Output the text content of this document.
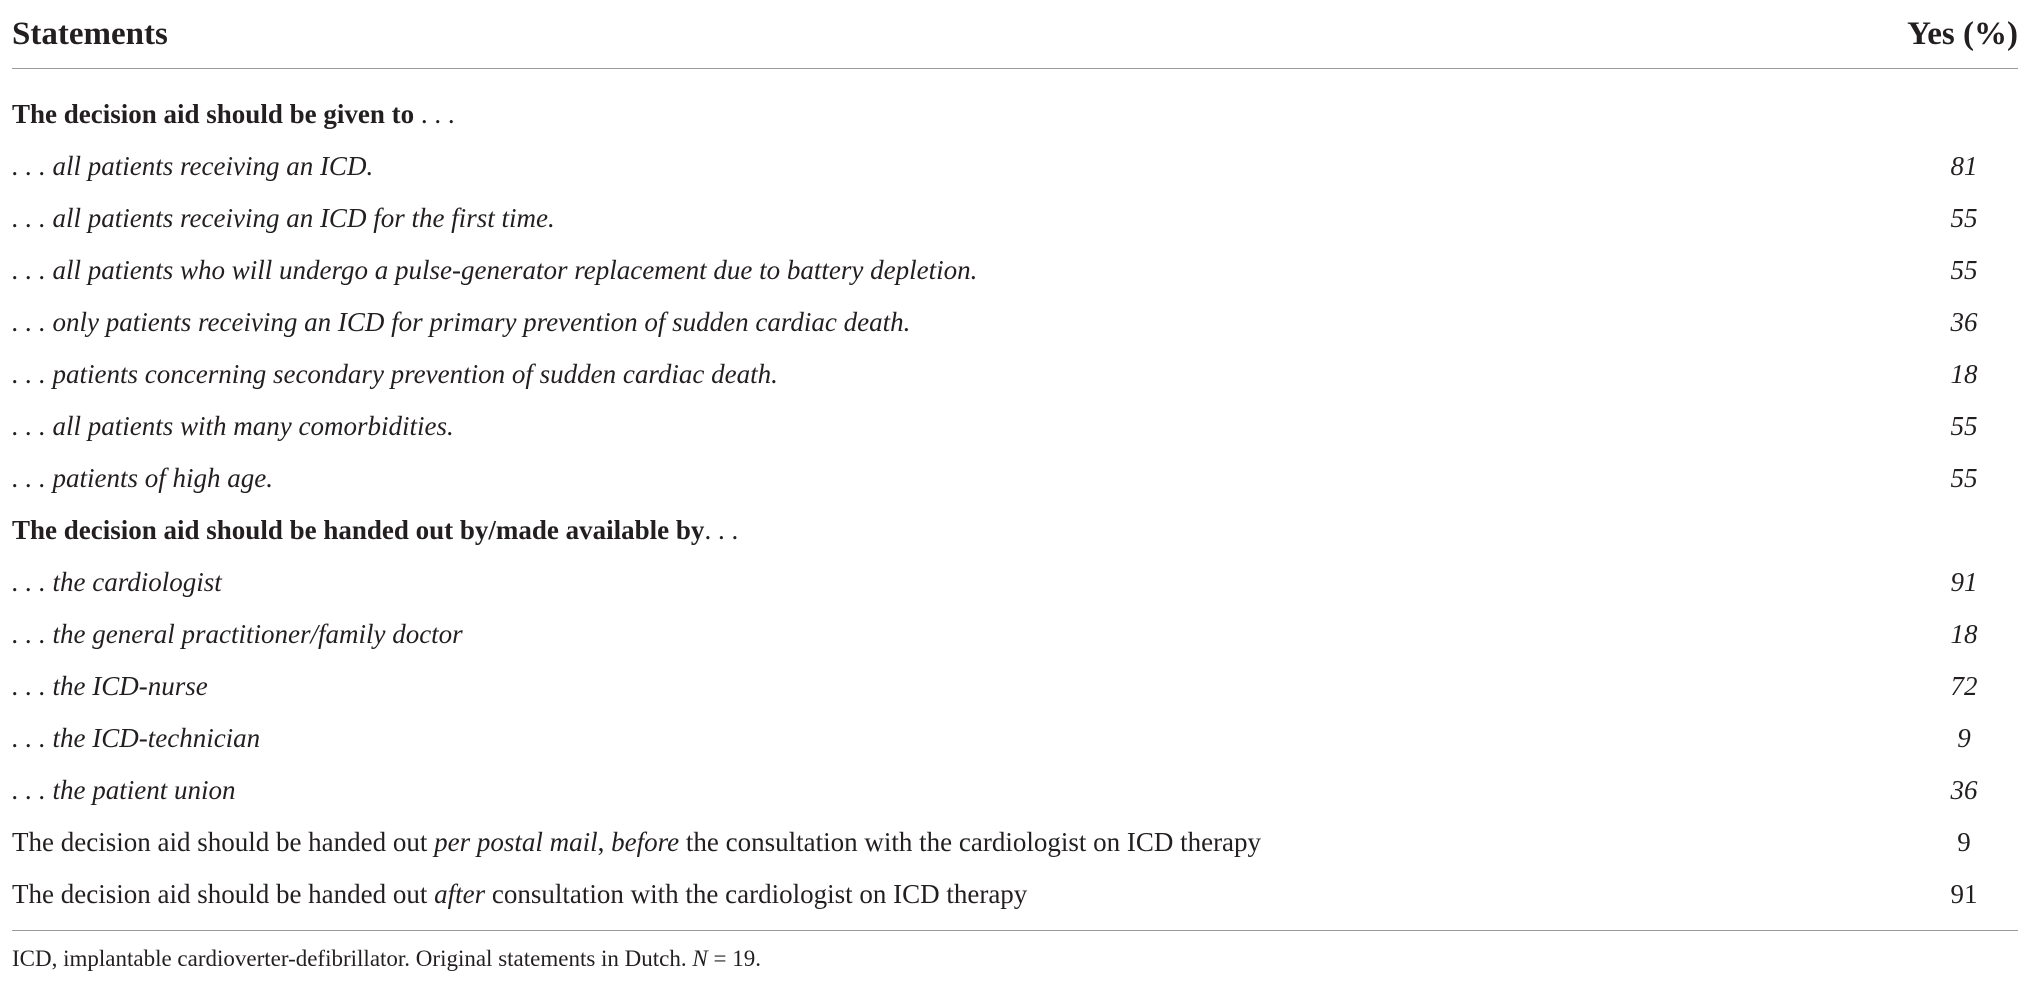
Statements	Yes (%)
The decision aid should be given to . . .
. . . all patients receiving an ICD.	81
. . . all patients receiving an ICD for the first time.	55
. . . all patients who will undergo a pulse-generator replacement due to battery depletion.	55
. . . only patients receiving an ICD for primary prevention of sudden cardiac death.	36
. . . patients concerning secondary prevention of sudden cardiac death.	18
. . . all patients with many comorbidities.	55
. . . patients of high age.	55
The decision aid should be handed out by/made available by. . .
. . . the cardiologist	91
. . . the general practitioner/family doctor	18
. . . the ICD-nurse	72
. . . the ICD-technician	9
. . . the patient union	36
The decision aid should be handed out per postal mail, before the consultation with the cardiologist on ICD therapy	9
The decision aid should be handed out after consultation with the cardiologist on ICD therapy	91
ICD, implantable cardioverter-defibrillator. Original statements in Dutch. N = 19.
